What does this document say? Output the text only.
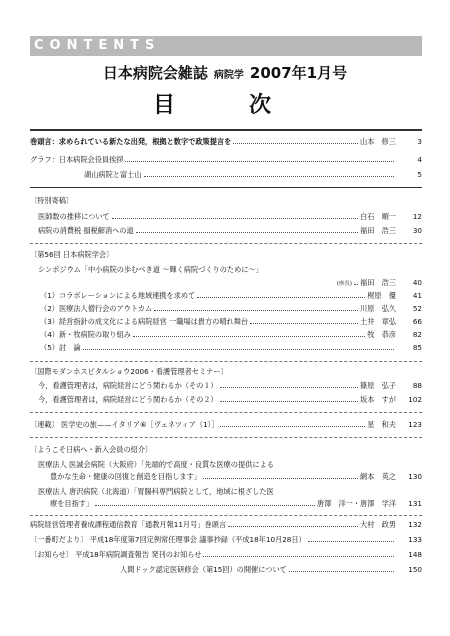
CONTENTS
日本病院会雑誌 病院学 2007年1月号
目　次
巻頭言：求められている新たな出発，根拠と数字で政策提言を	山本　修三	3
グラフ：日本病院会役員挨拶	4
湖山病院と富士山	5
〔特別寄稿〕
医師数の推移について	白石　順一	12
病院の消費税 損税解消への道	福田　浩三	30
〔第56回 日本病院学会〕
シンポジウム「中小病院の歩むべき道 〜輝く病院づくりのために〜」
(座長) 福田　浩三	40
（1）コラボレーションによる地域連携を求めて	梶原　優	41
（2）医療法人僧行会のアウトカム	川原　弘久	52
（3）経営指針の成文化による病院経営 一職場は貴方の晴れ舞台	土井　章弘	66
（4）新・牧病院の取り組み	牧　恭彦	82
（5）討　論	85
〔国際モダンホスピタルショウ2006・看護管理者セミナー〕
今，看護管理者は，病院経営にどう関わるか（その１）	篠原　弘子	88
今，看護管理者は，病院経営にどう関わるか（その２）	坂本　すが	102
〔連載〕 医学史の旅——イタリア⑥［ヴェネツィア（1）］	星　和夫	123
〔ようこそ日病へ・新入会員の紹介〕
医療法人 医誠会病院（大阪府）「先端的で高度・良質な医療の提供による
豊かな生命・健康の回復と創造を目指します」	網本　英之	130
医療法人 唐沢病院（北海道）「胃腸科専門病院として，地域に根ざした医
療を目指す」	唐澤　洋一・唐澤　学洋	131
病院経営管理者養成課程通信教育「通教月報11月号」巻頭言	大村　政男	132
〔一番町だより〕 平成18年度第7回定例常任理事会 議事抄録（平成18年10月28日）	133
〔お知らせ〕 平成18年病院調査報告 発刊のお知らせ	148
人間ドック認定医研修会（第15回）の開催について	150
